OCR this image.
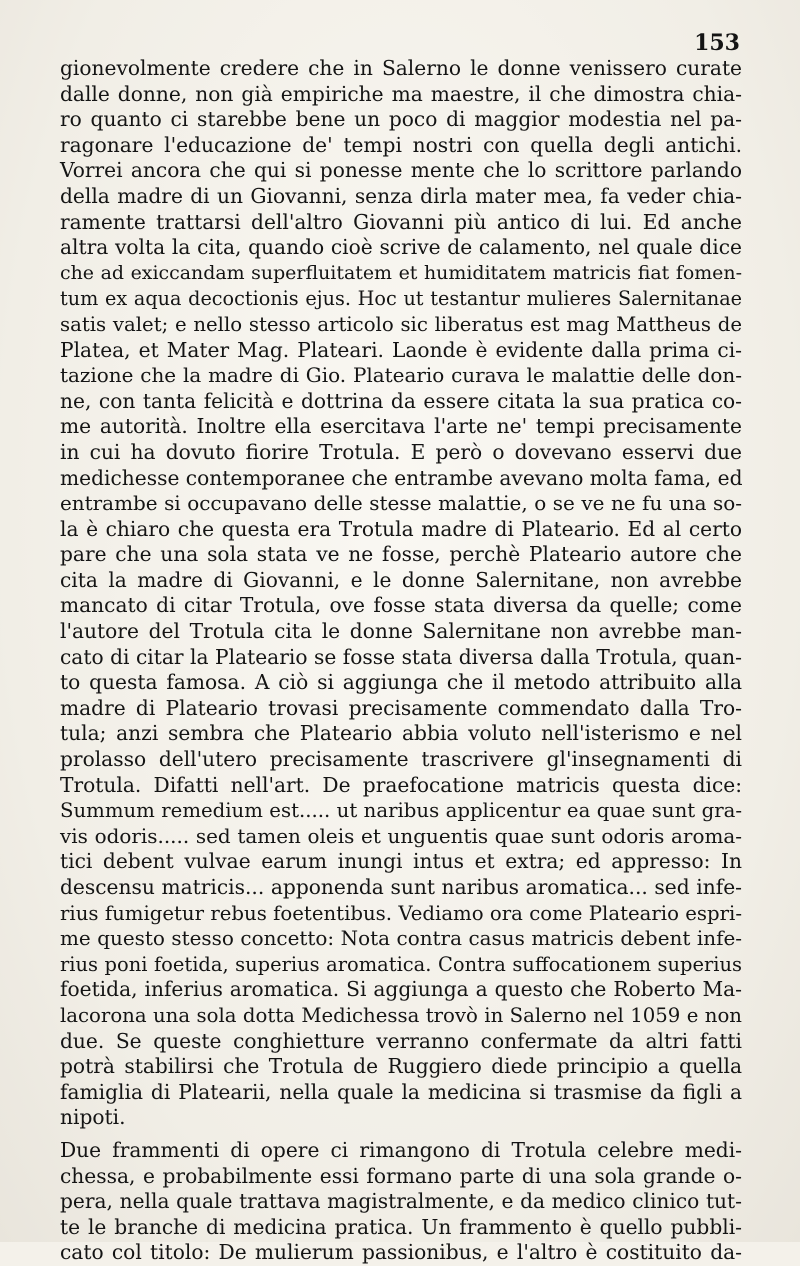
153
gionevolmente credere che in Salerno le donne venissero curate
dalle donne, non già empiriche ma maestre, il che dimostra chia-
ro quanto ci starebbe bene un poco di maggior modestia nel pa-
ragonare l'educazione de' tempi nostri con quella degli antichi.
Vorrei ancora che qui si ponesse mente che lo scrittore parlando
della madre di un Giovanni, senza dirla mater mea, fa veder chia-
ramente trattarsi dell'altro Giovanni più antico di lui. Ed anche
altra volta la cita, quando cioè scrive de calamento, nel quale dice
che ad exiccandam superfluitatem et humiditatem matricis fiat fomen-
tum ex aqua decoctionis ejus. Hoc ut testantur mulieres Salernitanae
satis valet; e nello stesso articolo sic liberatus est mag Mattheus de
Platea, et Mater Mag. Plateari. Laonde è evidente dalla prima ci-
tazione che la madre di Gio. Plateario curava le malattie delle don-
ne, con tanta felicità e dottrina da essere citata la sua pratica co-
me autorità. Inoltre ella esercitava l'arte ne' tempi precisamente
in cui ha dovuto fiorire Trotula. E però o dovevano esservi due
medichesse contemporanee che entrambe avevano molta fama, ed
entrambe si occupavano delle stesse malattie, o se ve ne fu una so-
la è chiaro che questa era Trotula madre di Plateario. Ed al certo
pare che una sola stata ve ne fosse, perchè Plateario autore che
cita la madre di Giovanni, e le donne Salernitane, non avrebbe
mancato di citar Trotula, ove fosse stata diversa da quelle; come
l'autore del Trotula cita le donne Salernitane non avrebbe man-
cato di citar la Plateario se fosse stata diversa dalla Trotula, quan-
to questa famosa. A ciò si aggiunga che il metodo attribuito alla
madre di Plateario trovasi precisamente commendato dalla Tro-
tula; anzi sembra che Plateario abbia voluto nell'isterismo e nel
prolasso dell'utero precisamente trascrivere gl'insegnamenti di
Trotula. Difatti nell'art. De praefocatione matricis questa dice:
Summum remedium est..... ut naribus applicentur ea quae sunt gra-
vis odoris..... sed tamen oleis et unguentis quae sunt odoris aroma-
tici debent vulvae earum inungi intus et extra; ed appresso: In
descensu matricis... apponenda sunt naribus aromatica... sed infe-
rius fumigetur rebus foetentibus. Vediamo ora come Plateario espri-
me questo stesso concetto: Nota contra casus matricis debent infe-
rius poni foetida, superius aromatica. Contra suffocationem superius
foetida, inferius aromatica. Si aggiunga a questo che Roberto Ma-
lacorona una sola dotta Medichessa trovò in Salerno nel 1059 e non
due. Se queste conghietture verranno confermate da altri fatti
potrà stabilirsi che Trotula de Ruggiero diede principio a quella
famiglia di Platearii, nella quale la medicina si trasmise da figli a
nipoti.
Due frammenti di opere ci rimangono di Trotula celebre medi-
chessa, e probabilmente essi formano parte di una sola grande o-
pera, nella quale trattava magistralmente, e da medico clinico tut-
te le branche di medicina pratica. Un frammento è quello pubbli-
cato col titolo: De mulierum passionibus, e l'altro è costituito da-
